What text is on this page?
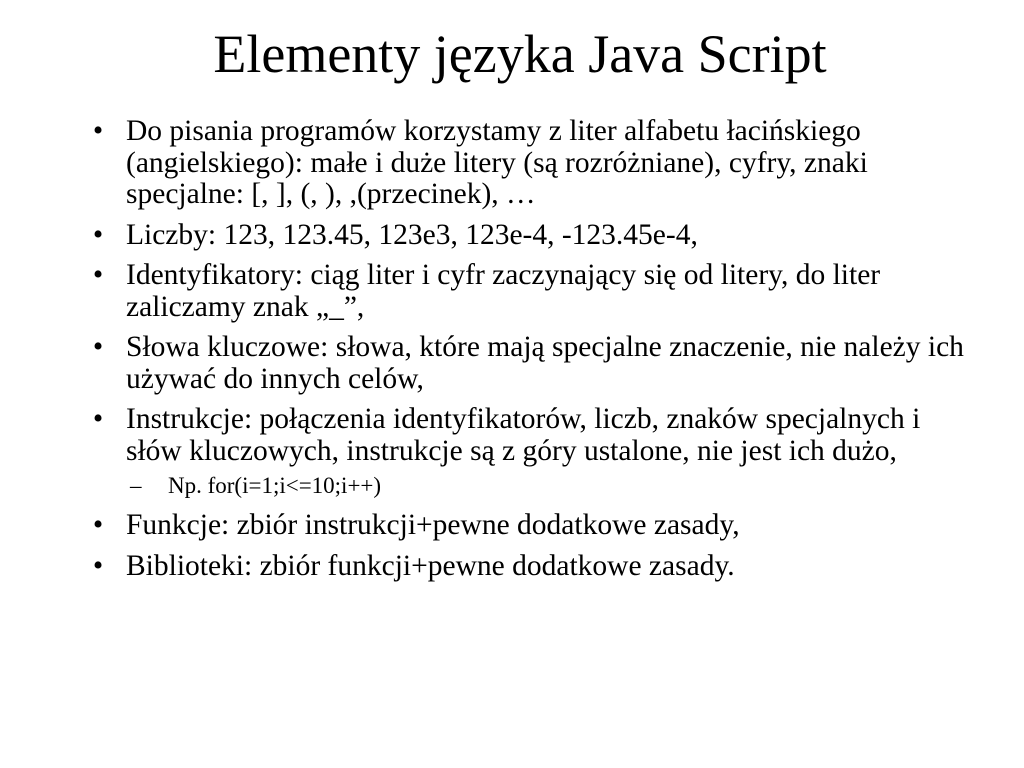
Elementy języka Java Script
• Do pisania programów korzystamy z liter alfabetu łacińskiego (angielskiego): małe i duże litery (są rozróżniane), cyfry, znaki specjalne: [, ], (, ), ,(przecinek), …
• Liczby: 123, 123.45, 123e3, 123e-4, -123.45e-4,
• Identyfikatory: ciąg liter i cyfr zaczynający się od litery, do liter zaliczamy znak „_”,
• Słowa kluczowe: słowa, które mają specjalne znaczenie, nie należy ich używać do innych celów,
• Instrukcje: połączenia identyfikatorów, liczb, znaków specjalnych i słów kluczowych, instrukcje są z góry ustalone, nie jest ich dużo,
– Np. for(i=1;i<=10;i++)
• Funkcje: zbiór instrukcji+pewne dodatkowe zasady,
• Biblioteki: zbiór funkcji+pewne dodatkowe zasady.
